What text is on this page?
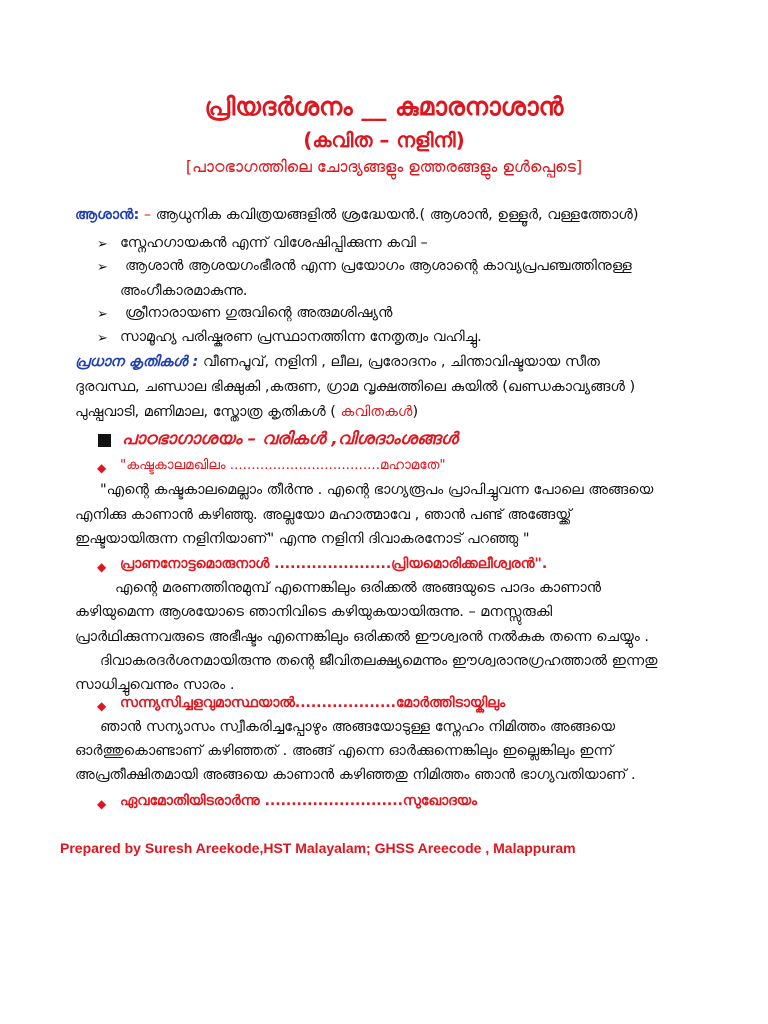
പ്രിയദർശനം __ കുമാരനാശാൻ
(കവിത – നളിനി)
[പാഠഭാഗത്തിലെ ചോദ്യങ്ങളും ഉത്തരങ്ങളും ഉൾപ്പെടെ]
ആശാൻ: – ആധുനിക കവിത്രയങ്ങളിൽ ശ്രദ്ധേയൻ.( ആശാൻ, ഉള്ളൂർ, വള്ളത്തോൾ)
➢ സ്നേഹഗായകൻ എന്ന് വിശേഷിപ്പിക്കുന്ന കവി –
➢ ആശാൻ ആശയഗംഭീരൻ എന്ന പ്രയോഗം ആശാന്റെ കാവ്യപ്രപഞ്ചത്തിനുള്ള
അംഗീകാരമാകുന്നു.
➢ ശ്രീനാരായണ ഗുരുവിന്റെ അരുമശിഷ്യൻ
➢ സാമൂഹ്യ പരിഷ്കരണ പ്രസ്ഥാനത്തിന്ന നേതൃത്വം വഹിച്ചു.
പ്രധാന കൃതികൾ : വീണപൂവ്, നളിനി , ലീല, പ്രരോദനം , ചിന്താവിഷ്ടയായ സീത
ദുരവസ്ഥ, ചണ്ഡാല ഭിക്ഷുകി ,കരുണ, ഗ്രാമ വൃക്ഷത്തിലെ കുയിൽ (ഖണ്ഡകാവ്യങ്ങൾ )
പുഷ്പവാടി, മണിമാല, സ്തോത്ര കൃതികൾ ( കവിതകൾ)
പാഠഭാഗാശയം – വരികൾ ,വിശദാംശങ്ങൾ
◆ "കഷ്ടകാലമഖിലം ...................................മഹാമതേ"
"എന്റെ കഷ്ടകാലമെല്ലാം തീർന്നു . എന്റെ ഭാഗ്യരൂപം പ്രാപിച്ചുവന്ന പോലെ അങ്ങയെ
എനിക്കു കാണാൻ കഴിഞ്ഞു. അല്ലയോ മഹാത്മാവേ , ഞാൻ പണ്ട് അങ്ങേയ്ക്ക്
ഇഷ്ടയായിരുന്ന നളിനിയാണ്" എന്നു നളിനി ദിവാകരനോട് പറഞ്ഞു "
◆ പ്രാണനോട്ടമൊരുനാൾ ......................പ്രിയമൊരിക്കലീശ്വരൻ".
എന്റെ മരണത്തിനുമുമ്പ് എന്നെങ്കിലും ഒരിക്കൽ അങ്ങയുടെ പാദം കാണാൻ
കഴിയുമെന്ന ആശയോടെ ഞാനിവിടെ കഴിയുകയായിരുന്നു. – മനസ്സുരുകി
പ്രാർഥിക്കുന്നവരുടെ അഭീഷ്ടം എന്നെങ്കിലും ഒരിക്കൽ ഈശ്വരൻ നൽകുക തന്നെ ചെയ്യും .
ദിവാകരദർശനമായിരുന്നു തന്റെ ജീവിതലക്ഷ്യമെന്നും ഈശ്വരാനുഗ്രഹത്താൽ ഇന്നതു
സാധിച്ചുവെന്നും സാരം .
◆ സന്ന്യസിച്ചളവുമാസ്ഥയാൽ...................മോർത്തിടായ്കിലും
ഞാൻ സന്യാസം സ്വീകരിച്ചപ്പോഴും അങ്ങയോടുള്ള സ്നേഹം നിമിത്തം അങ്ങയെ
ഓർത്തുകൊണ്ടാണ് കഴിഞ്ഞത് . അങ്ങ് എന്നെ ഓർക്കുന്നെങ്കിലും ഇല്ലെങ്കിലും ഇന്ന്
അപ്രതീക്ഷിതമായി അങ്ങയെ കാണാൻ കഴിഞ്ഞതു നിമിത്തം ഞാൻ ഭാഗ്യവതിയാണ് .
◆ ഏവമോതിയിടരാർന്നു ..........................സുഖോദയം
Prepared by Suresh Areekode,HST Malayalam; GHSS Areecode , Malappuram
